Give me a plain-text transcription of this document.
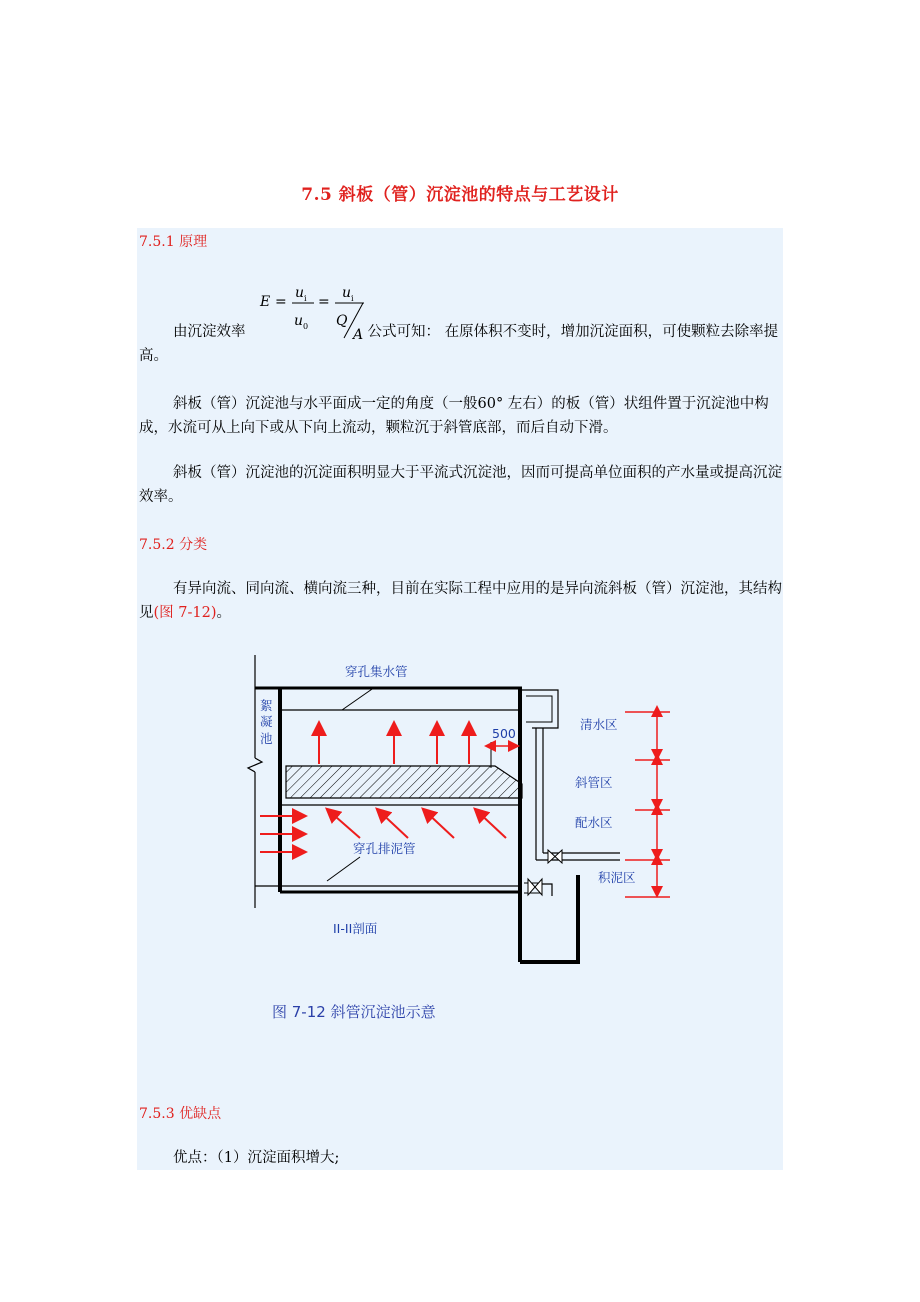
7.5 斜板（管）沉淀池的特点与工艺设计
7.5.1 原理
E =
u i
u 0
=
u i
Q
A
由沉淀效率	公式可知： 在原体积不变时，增加沉淀面积，可使颗粒去除率提高。
斜板（管）沉淀池与水平面成一定的角度（一般60° 左右）的板（管）状组件置于沉淀池中构成，水流可从上向下或从下向上流动，颗粒沉于斜管底部，而后自动下滑。
斜板（管）沉淀池的沉淀面积明显大于平流式沉淀池，因而可提高单位面积的产水量或提高沉淀效率。
7.5.2 分类
有异向流、同向流、横向流三种，目前在实际工程中应用的是异向流斜板（管）沉淀池，其结构见(图 7-12)。
500
穿孔集水管
絮
凝
池
穿孔排泥管
II-II剖面
清水区
斜管区
配水区
积泥区
图 7-12 斜管沉淀池示意
7.5.3 优缺点
优点：（1）沉淀面积增大;
